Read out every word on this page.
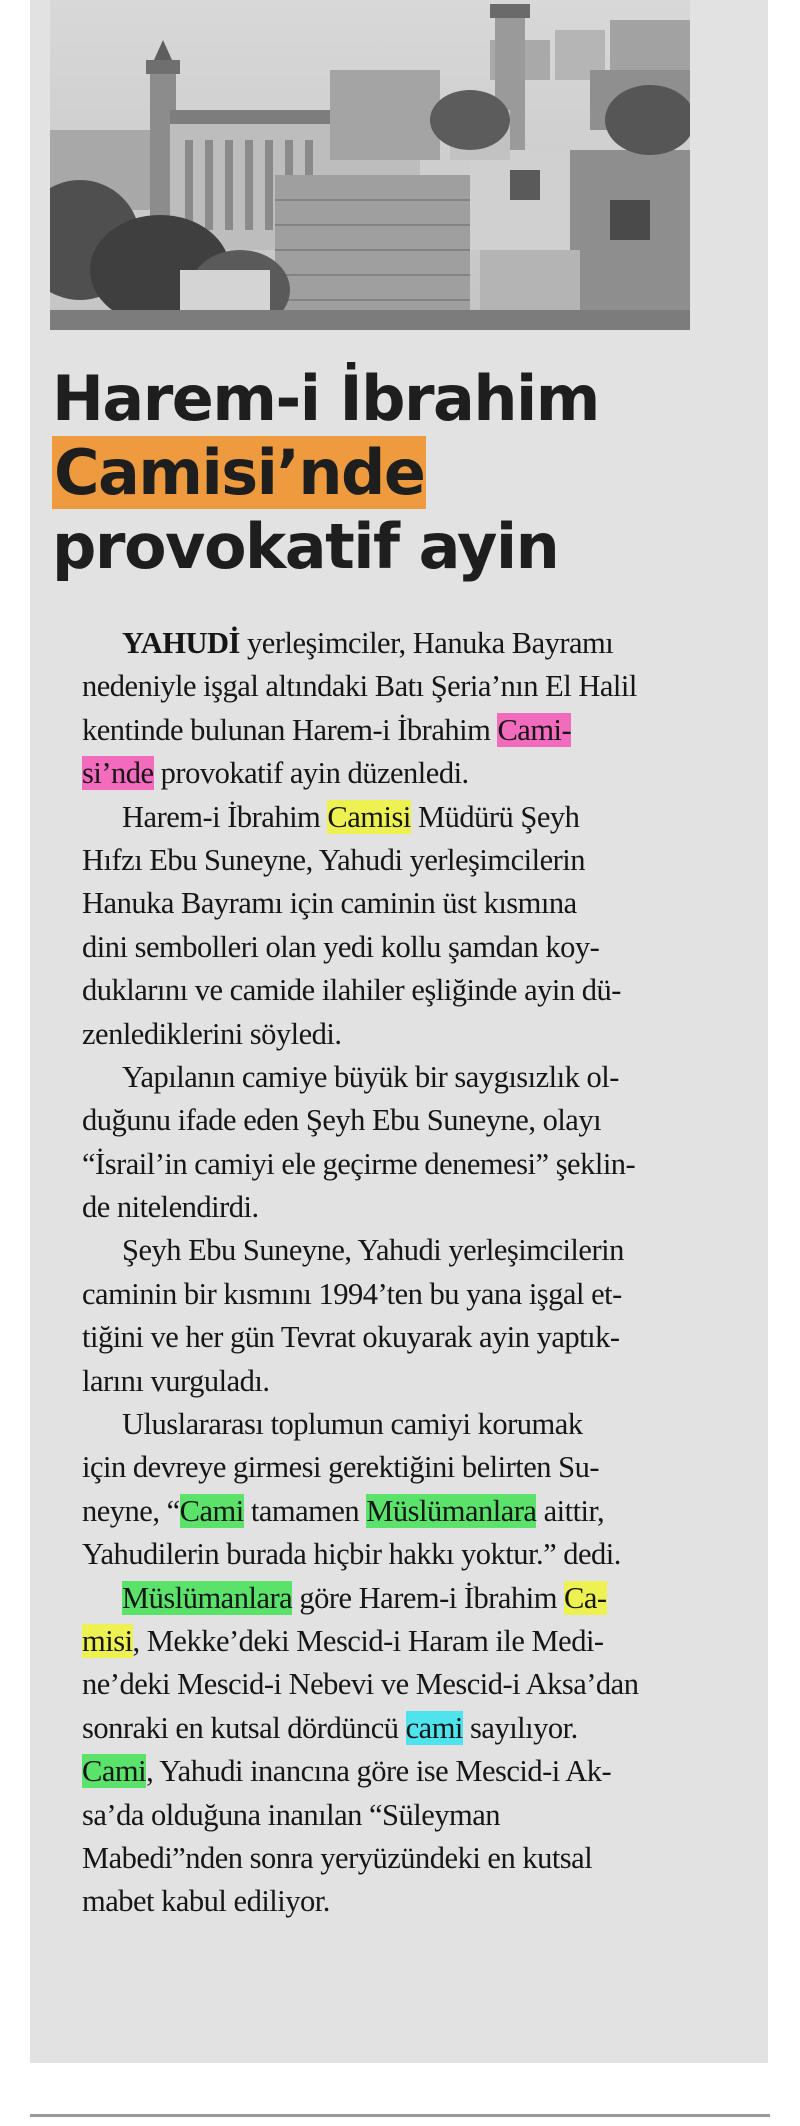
Harem-i İbrahim
Camisi’nde
provokatif ayin
YAHUDİ yerleşimciler, Hanuka Bayramı
nedeniyle işgal altındaki Batı Şeria’nın El Halil
kentinde bulunan Harem-i İbrahim Cami-
si’nde provokatif ayin düzenledi.
Harem-i İbrahim Camisi Müdürü Şeyh
Hıfzı Ebu Suneyne, Yahudi yerleşimcilerin
Hanuka Bayramı için caminin üst kısmına
dini sembolleri olan yedi kollu şamdan koy-
duklarını ve camide ilahiler eşliğinde ayin dü-
zenlediklerini söyledi.
Yapılanın camiye büyük bir saygısızlık ol-
duğunu ifade eden Şeyh Ebu Suneyne, olayı
“İsrail’in camiyi ele geçirme denemesi” şeklin-
de nitelendirdi.
Şeyh Ebu Suneyne, Yahudi yerleşimcilerin
caminin bir kısmını 1994’ten bu yana işgal et-
tiğini ve her gün Tevrat okuyarak ayin yaptık-
larını vurguladı.
Uluslararası toplumun camiyi korumak
için devreye girmesi gerektiğini belirten Su-
neyne, “Cami tamamen Müslümanlara aittir,
Yahudilerin burada hiçbir hakkı yoktur.” dedi.
Müslümanlara göre Harem-i İbrahim Ca-
misi, Mekke’deki Mescid-i Haram ile Medi-
ne’deki Mescid-i Nebevi ve Mescid-i Aksa’dan
sonraki en kutsal dördüncü cami sayılıyor.
Cami, Yahudi inancına göre ise Mescid-i Ak-
sa’da olduğuna inanılan “Süleyman
Mabedi”nden sonra yeryüzündeki en kutsal
mabet kabul ediliyor.
